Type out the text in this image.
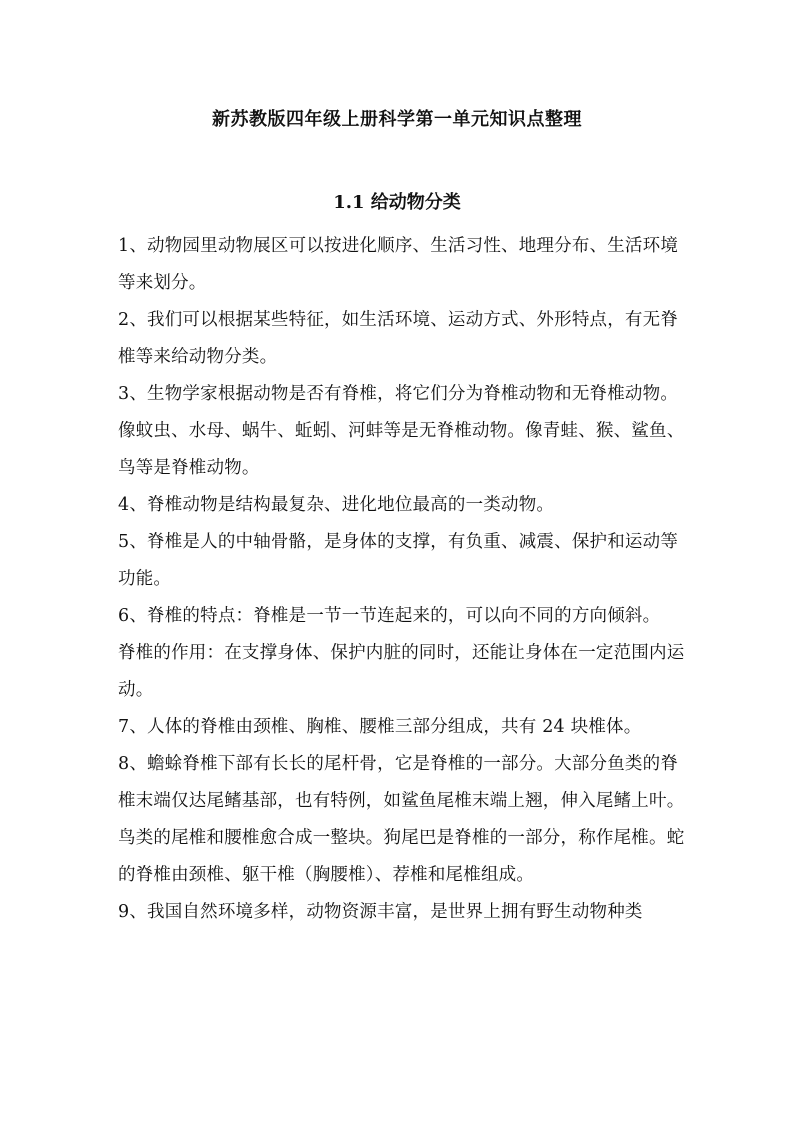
新苏教版四年级上册科学第一单元知识点整理
1.1 给动物分类

1、动物园里动物展区可以按进化顺序、生活习性、地理分布、生活环境等来划分。

2、我们可以根据某些特征，如生活环境、运动方式、外形特点，有无脊椎等来给动物分类。

3、生物学家根据动物是否有脊椎，将它们分为脊椎动物和无脊椎动物。像蚊虫、水母、蜗牛、蚯蚓、河蚌等是无脊椎动物。像青蛙、猴、鲨鱼、鸟等是脊椎动物。

4、脊椎动物是结构最复杂、进化地位最高的一类动物。

5、脊椎是人的中轴骨骼，是身体的支撑，有负重、减震、保护和运动等功能。

6、脊椎的特点：脊椎是一节一节连起来的，可以向不同的方向倾斜。

脊椎的作用：在支撑身体、保护内脏的同时，还能让身体在一定范围内运动。

7、人体的脊椎由颈椎、胸椎、腰椎三部分组成，共有 24 块椎体。

8、蟾蜍脊椎下部有长长的尾杆骨，它是脊椎的一部分。大部分鱼类的脊椎末端仅达尾鳍基部，也有特例，如鲨鱼尾椎末端上翘，伸入尾鳍上叶。鸟类的尾椎和腰椎愈合成一整块。狗尾巴是脊椎的一部分，称作尾椎。蛇的脊椎由颈椎、躯干椎（胸腰椎）、荐椎和尾椎组成。

9、我国自然环境多样，动物资源丰富，是世界上拥有野生动物种类
